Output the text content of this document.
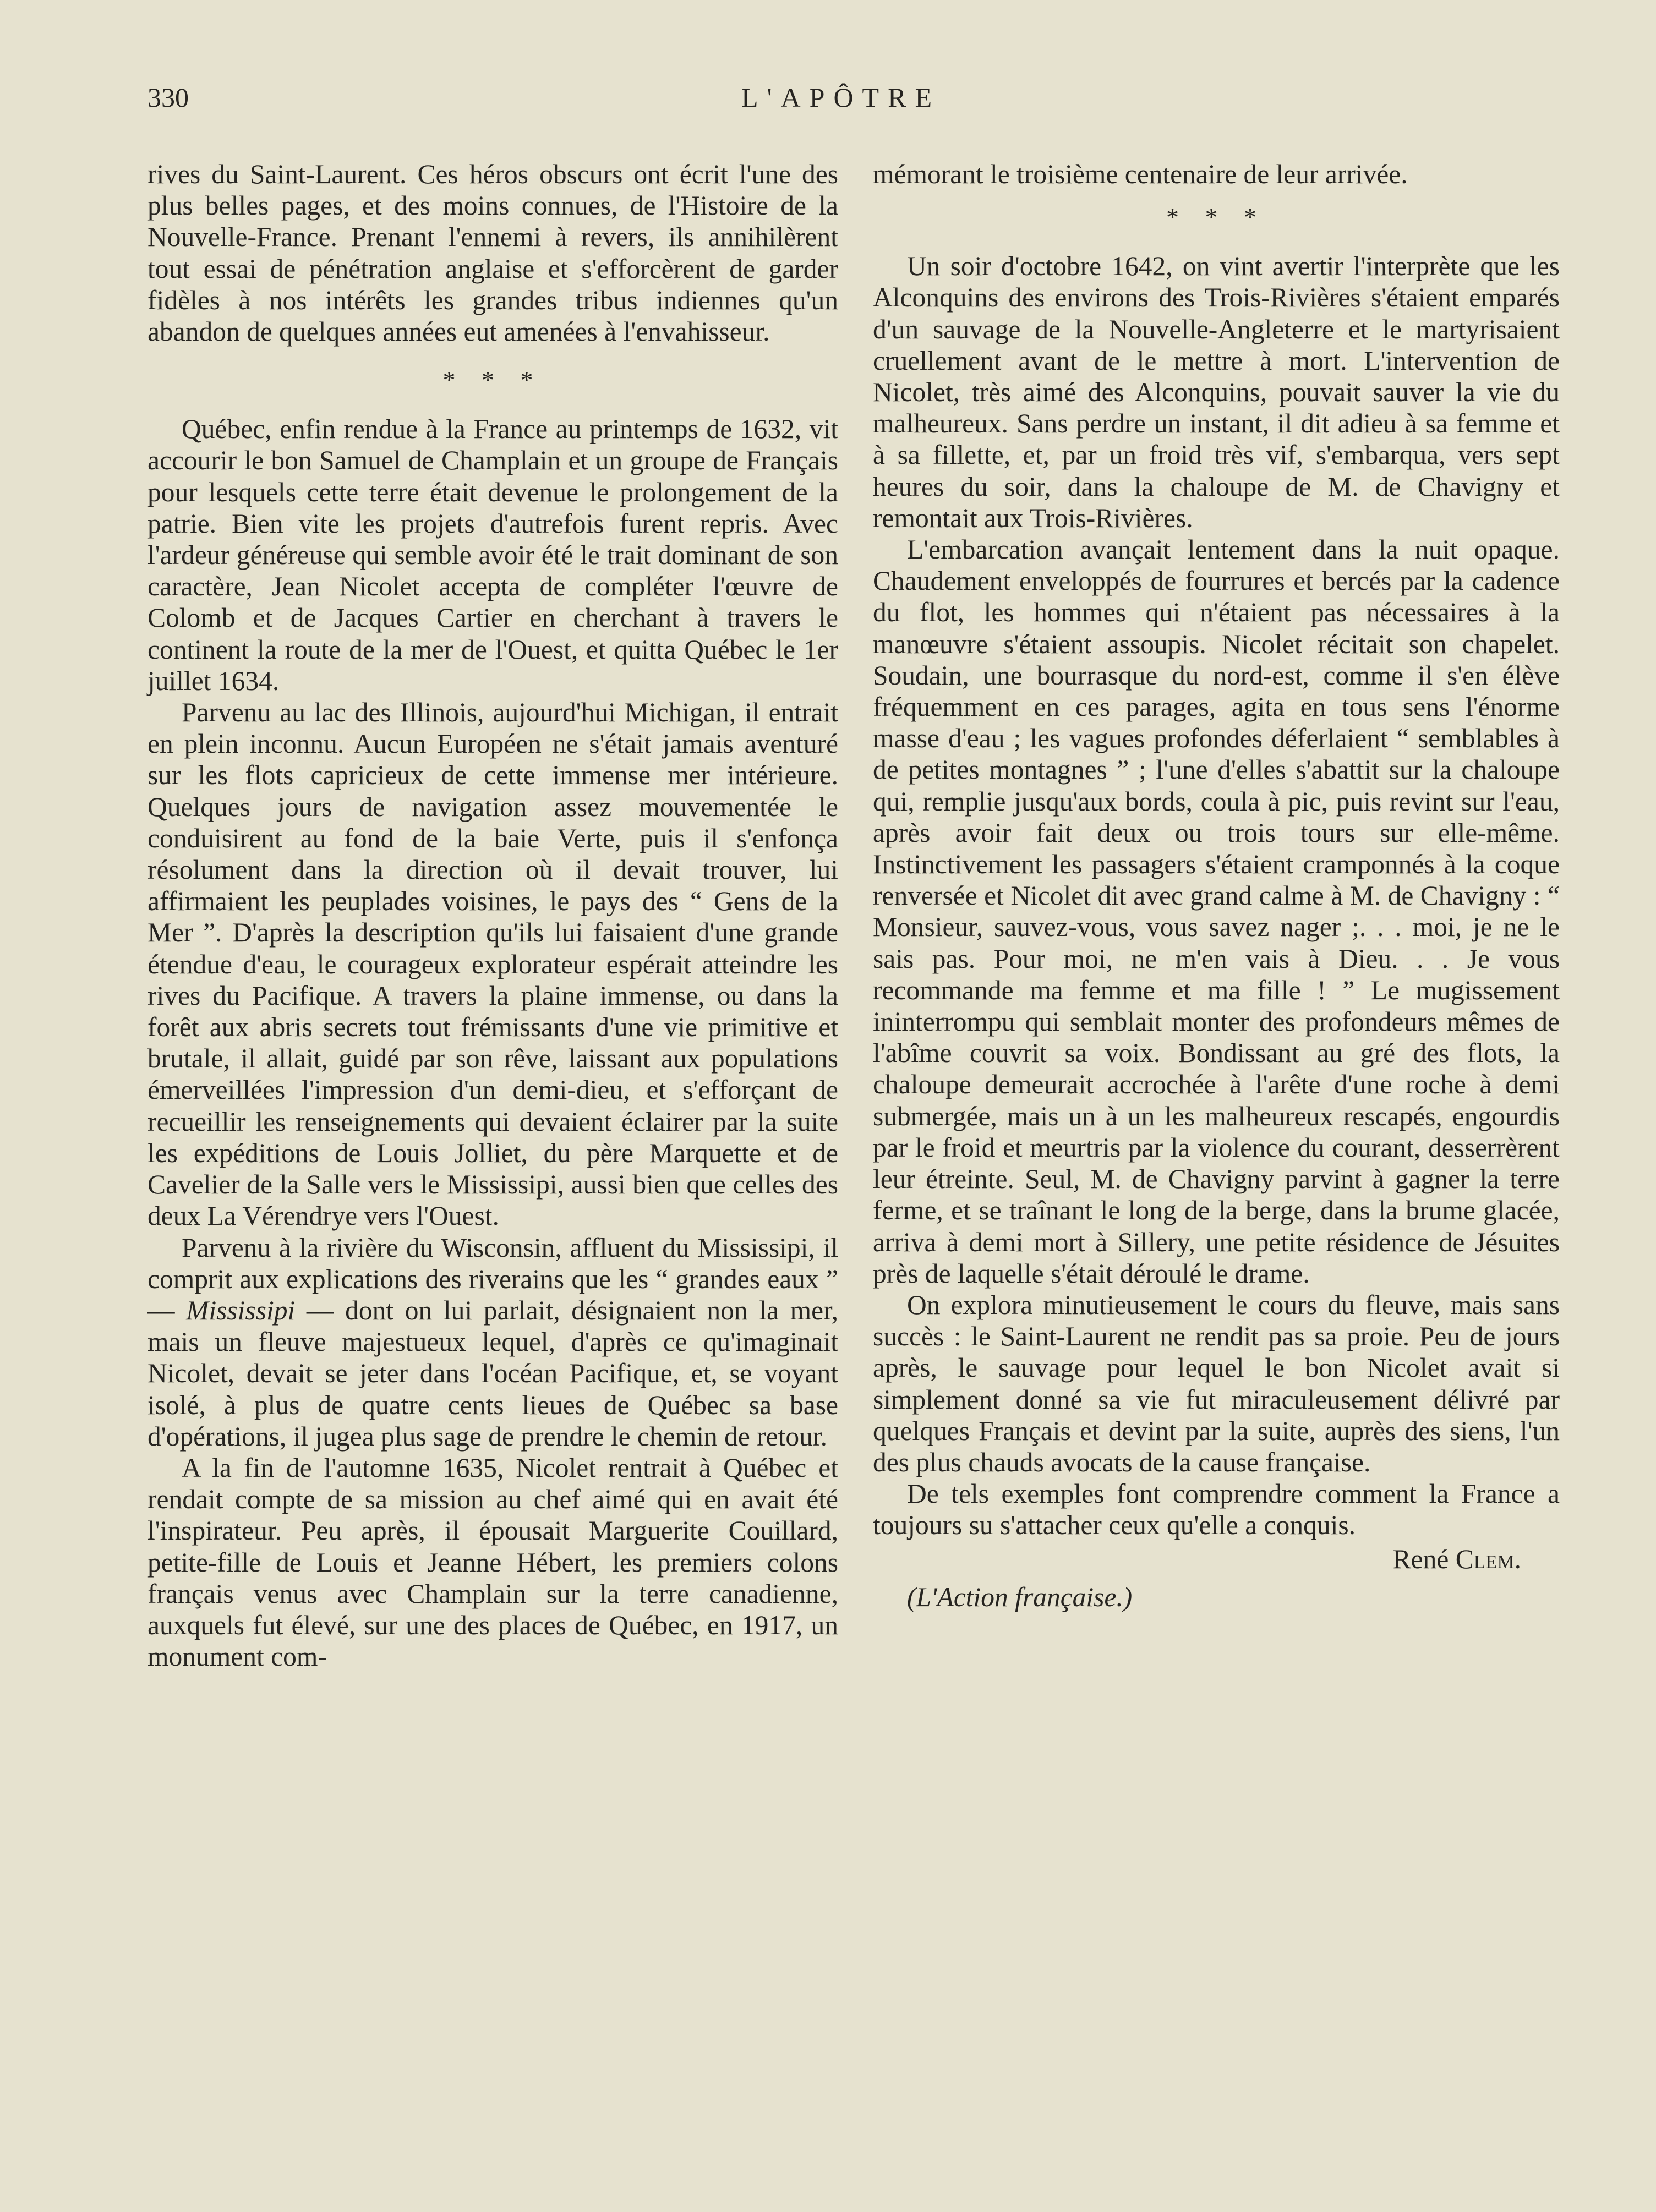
330	L'APÔTRE

rives du Saint-Laurent. Ces héros obscurs ont écrit l'une des plus belles pages, et des moins connues, de l'Histoire de la Nouvelle-France. Prenant l'ennemi à revers, ils annihilèrent tout essai de pénétration anglaise et s'efforcèrent de garder fidèles à nos intérêts les grandes tribus indiennes qu'un abandon de quelques années eut amenées à l'envahisseur.

* * *

Québec, enfin rendue à la France au printemps de 1632, vit accourir le bon Samuel de Champlain et un groupe de Français pour lesquels cette terre était devenue le prolongement de la patrie. Bien vite les projets d'autrefois furent repris. Avec l'ardeur généreuse qui semble avoir été le trait dominant de son caractère, Jean Nicolet accepta de compléter l'œuvre de Colomb et de Jacques Cartier en cherchant à travers le continent la route de la mer de l'Ouest, et quitta Québec le 1er juillet 1634.

Parvenu au lac des Illinois, aujourd'hui Michigan, il entrait en plein inconnu. Aucun Européen ne s'était jamais aventuré sur les flots capricieux de cette immense mer intérieure. Quelques jours de navigation assez mouvementée le conduisirent au fond de la baie Verte, puis il s'enfonça résolument dans la direction où il devait trouver, lui affirmaient les peuplades voisines, le pays des “ Gens de la Mer ”. D'après la description qu'ils lui faisaient d'une grande étendue d'eau, le courageux explorateur espérait atteindre les rives du Pacifique. A travers la plaine immense, ou dans la forêt aux abris secrets tout frémissants d'une vie primitive et brutale, il allait, guidé par son rêve, laissant aux populations émerveillées l'impression d'un demi-dieu, et s'efforçant de recueillir les renseignements qui devaient éclairer par la suite les expéditions de Louis Jolliet, du père Marquette et de Cavelier de la Salle vers le Mississipi, aussi bien que celles des deux La Vérendrye vers l'Ouest.

Parvenu à la rivière du Wisconsin, affluent du Mississipi, il comprit aux explications des riverains que les “ grandes eaux ” — Mississipi — dont on lui parlait, désignaient non la mer, mais un fleuve majestueux lequel, d'après ce qu'imaginait Nicolet, devait se jeter dans l'océan Pacifique, et, se voyant isolé, à plus de quatre cents lieues de Québec sa base d'opérations, il jugea plus sage de prendre le chemin de retour.

A la fin de l'automne 1635, Nicolet rentrait à Québec et rendait compte de sa mission au chef aimé qui en avait été l'inspirateur. Peu après, il épousait Marguerite Couillard, petite-fille de Louis et Jeanne Hébert, les premiers colons français venus avec Champlain sur la terre canadienne, auxquels fut élevé, sur une des places de Québec, en 1917, un monument com-

mémorant le troisième centenaire de leur arrivée.

* * *

Un soir d'octobre 1642, on vint avertir l'interprète que les Alconquins des environs des Trois-Rivières s'étaient emparés d'un sauvage de la Nouvelle-Angleterre et le martyrisaient cruellement avant de le mettre à mort. L'intervention de Nicolet, très aimé des Alconquins, pouvait sauver la vie du malheureux. Sans perdre un instant, il dit adieu à sa femme et à sa fillette, et, par un froid très vif, s'embarqua, vers sept heures du soir, dans la chaloupe de M. de Chavigny et remontait aux Trois-Rivières.

L'embarcation avançait lentement dans la nuit opaque. Chaudement enveloppés de fourrures et bercés par la cadence du flot, les hommes qui n'étaient pas nécessaires à la manœuvre s'étaient assoupis. Nicolet récitait son chapelet. Soudain, une bourrasque du nord-est, comme il s'en élève fréquemment en ces parages, agita en tous sens l'énorme masse d'eau ; les vagues profondes déferlaient “ semblables à de petites montagnes ” ; l'une d'elles s'abattit sur la chaloupe qui, remplie jusqu'aux bords, coula à pic, puis revint sur l'eau, après avoir fait deux ou trois tours sur elle-même. Instinctivement les passagers s'étaient cramponnés à la coque renversée et Nicolet dit avec grand calme à M. de Chavigny : “ Monsieur, sauvez-vous, vous savez nager ;. . . moi, je ne le sais pas. Pour moi, ne m'en vais à Dieu. . . Je vous recommande ma femme et ma fille ! ” Le mugissement ininterrompu qui semblait monter des profondeurs mêmes de l'abîme couvrit sa voix. Bondissant au gré des flots, la chaloupe demeurait accrochée à l'arête d'une roche à demi submergée, mais un à un les malheureux rescapés, engourdis par le froid et meurtris par la violence du courant, desserrèrent leur étreinte. Seul, M. de Chavigny parvint à gagner la terre ferme, et se traînant le long de la berge, dans la brume glacée, arriva à demi mort à Sillery, une petite résidence de Jésuites près de laquelle s'était déroulé le drame.

On explora minutieusement le cours du fleuve, mais sans succès : le Saint-Laurent ne rendit pas sa proie. Peu de jours après, le sauvage pour lequel le bon Nicolet avait si simplement donné sa vie fut miraculeusement délivré par quelques Français et devint par la suite, auprès des siens, l'un des plus chauds avocats de la cause française.

De tels exemples font comprendre comment la France a toujours su s'attacher ceux qu'elle a conquis.

René Clem.
(L'Action française.)
